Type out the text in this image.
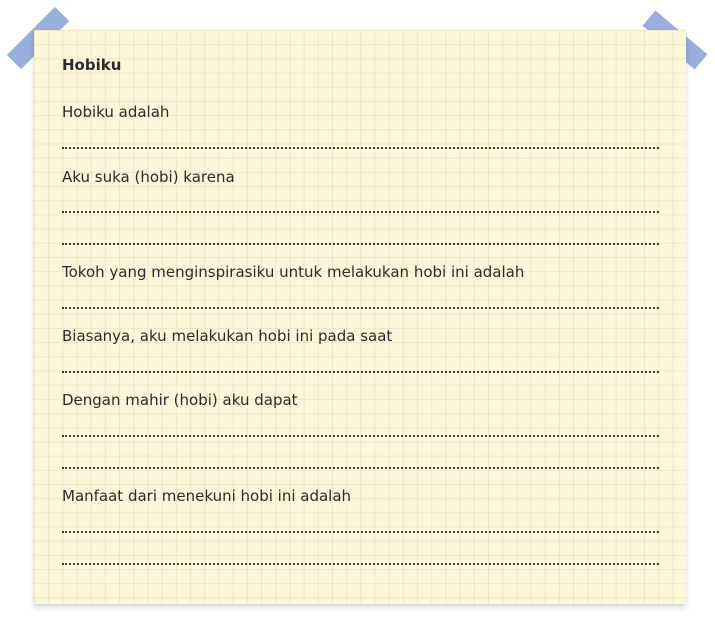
Hobiku
Hobiku adalah
Aku suka (hobi) karena
Tokoh yang menginspirasiku untuk melakukan hobi ini adalah
Biasanya, aku melakukan hobi ini pada saat
Dengan mahir (hobi) aku dapat
Manfaat dari menekuni hobi ini adalah
